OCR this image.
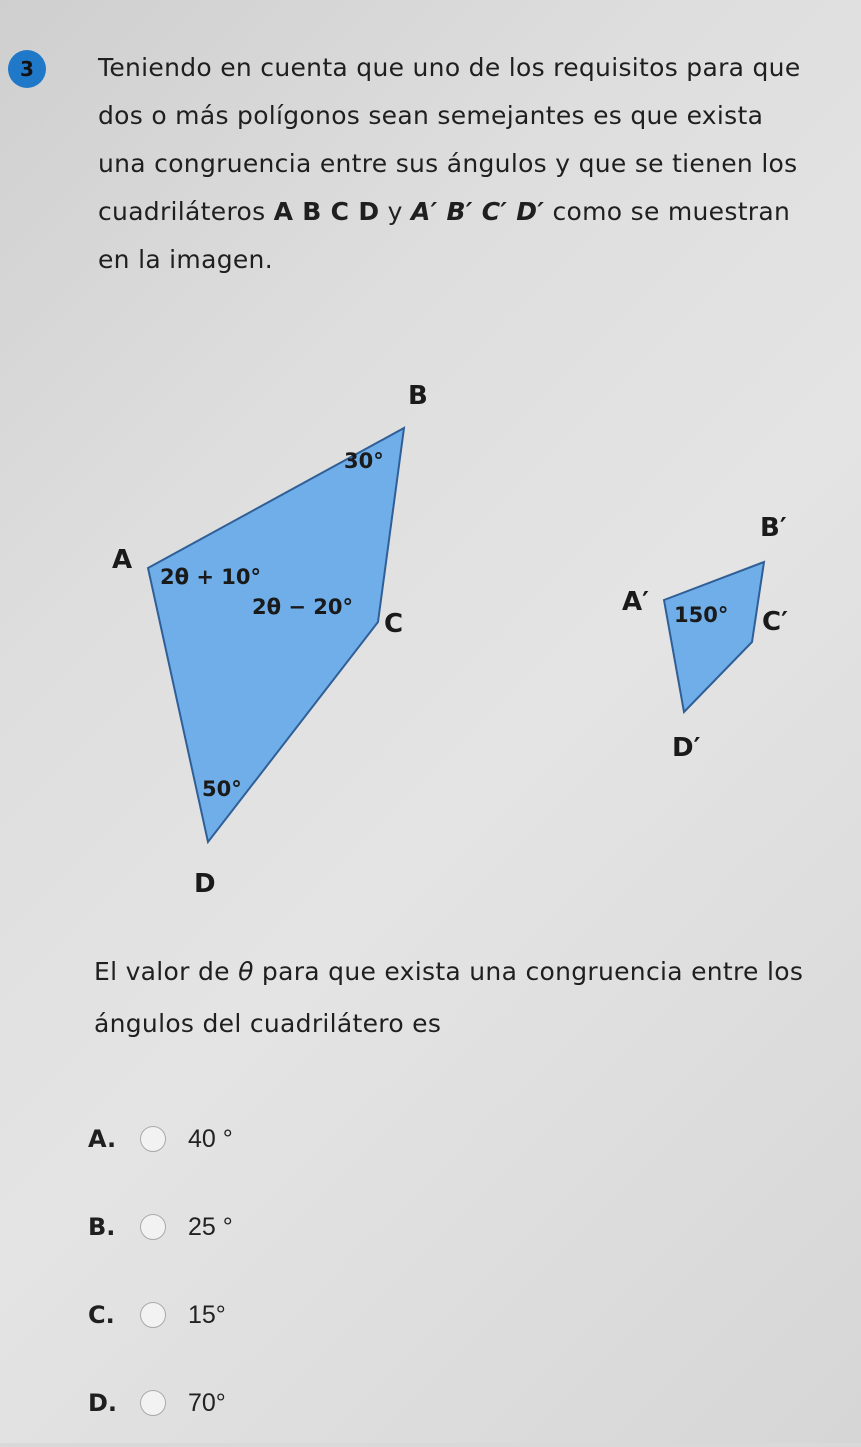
3	Teniendo en cuenta que uno de los requisitos para que dos o más polígonos sean semejantes es que exista una congruencia entre sus ángulos y que se tienen los cuadriláteros A B C D y A′ B′ C′ D′ como se muestran en la imagen.

B
A
C
D
30°
2θ + 10°
2θ − 20°
50°
B′
A′
C′
D′
150°

El valor de θ para que exista una congruencia entre los ángulos del cuadrilátero es

A.	40 °
B.	25 °
C.	15°
D.	70°
